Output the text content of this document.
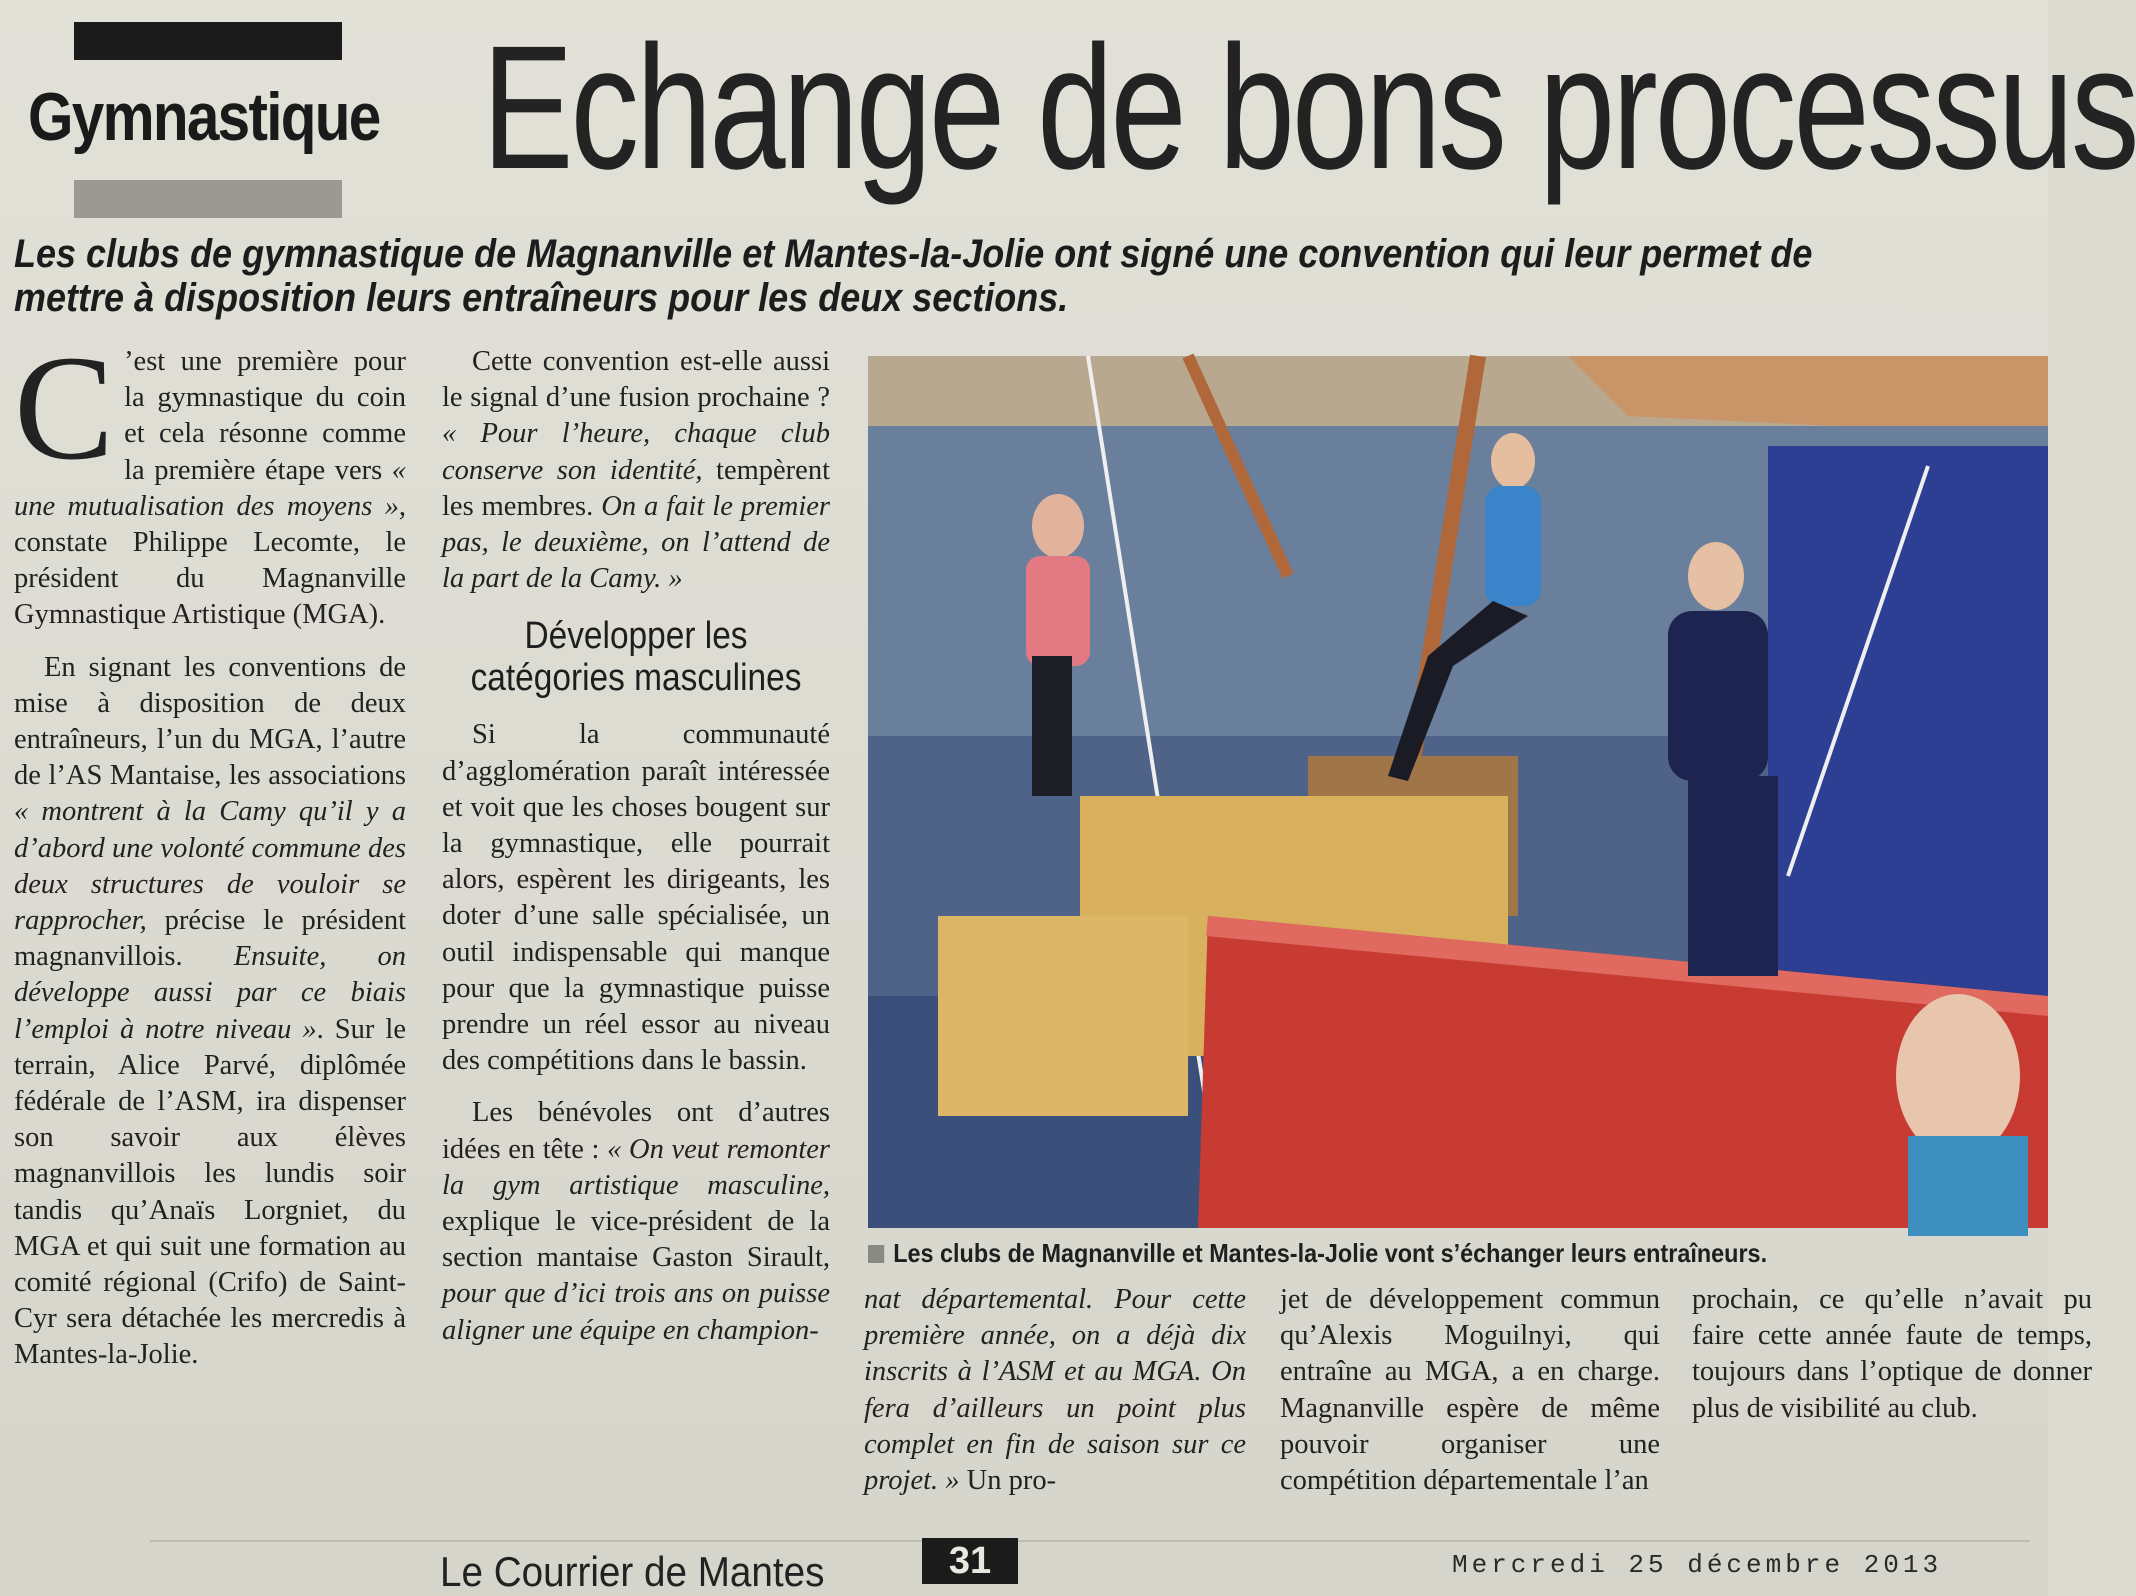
Gymnastique Echange de bons processus
Les clubs de gymnastique de Magnanville et Mantes-la-Jolie ont signé une convention qui leur permet de mettre à disposition leurs entraîneurs pour les deux sections.

C ’est une première pour la gymnastique du coin et cela résonne comme la première étape vers « une mutualisation des moyens », constate Philippe Lecomte, le président du Magnanville Gymnastique Artistique (MGA).

En signant les conventions de mise à disposition de deux entraîneurs, l’un du MGA, l’autre de l’AS Mantaise, les associations « montrent à la Camy qu’il y a d’abord une volonté commune des deux structures de vouloir se rapprocher, précise le président magnanvillois. Ensuite, on développe aussi par ce biais l’emploi à notre niveau ». Sur le terrain, Alice Parvé, diplômée fédérale de l’ASM, ira dispenser son savoir aux élèves magnanvillois les lundis soir tandis qu’Anaïs Lorgniet, du MGA et qui suit une formation au comité régional (Crifo) de Saint-Cyr sera détachée les mercredis à Mantes-la-Jolie.

Cette convention est-elle aussi le signal d’une fusion prochaine ? « Pour l’heure, chaque club conserve son identité, tempèrent les membres. On a fait le premier pas, le deuxième, on l’attend de la part de la Camy. »

Développer les catégories masculines

Si la communauté d’agglomération paraît intéressée et voit que les choses bougent sur la gymnastique, elle pourrait alors, espèrent les dirigeants, les doter d’une salle spécialisée, un outil indispensable qui manque pour que la gymnastique puisse prendre un réel essor au niveau des compétitions dans le bassin.

Les bénévoles ont d’autres idées en tête : « On veut remonter la gym artistique masculine, explique le vice-président de la section mantaise Gaston Sirault, pour que d’ici trois ans on puisse aligner une équipe en champion-

Les clubs de Magnanville et Mantes-la-Jolie vont s’échanger leurs entraîneurs.

nat départemental. Pour cette première année, on a déjà dix inscrits à l’ASM et au MGA. On fera d’ailleurs un point plus complet en fin de saison sur ce projet. » Un pro-

jet de développement commun qu’Alexis Moguilnyi, qui entraîne au MGA, a en charge. Magnanville espère de même pouvoir organiser une compétition départementale l’an

prochain, ce qu’elle n’avait pu faire cette année faute de temps, toujours dans l’optique de donner plus de visibilité au club.

Le Courrier de Mantes	31	Mercredi 25 décembre 2013
